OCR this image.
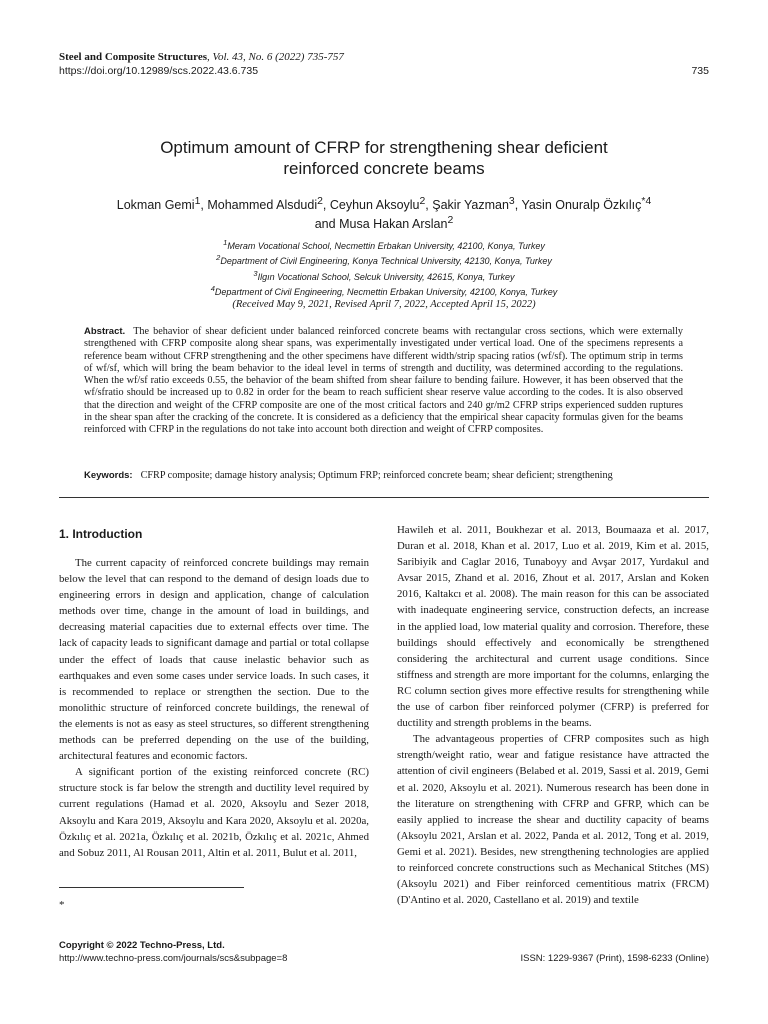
Steel and Composite Structures, Vol. 43, No. 6 (2022) 735-757
https://doi.org/10.12989/scs.2022.43.6.735	735
Optimum amount of CFRP for strengthening shear deficient
reinforced concrete beams
Lokman Gemi$^1$, Mohammed Alsdudi$^2$, Ceyhun Aksoylu$^2$, Şakir Yazman$^3$, Yasin Onuralp Özkılıç$^{*4}$
and Musa Hakan Arslan$^2$
$^1$Meram Vocational School, Necmettin Erbakan University, 42100, Konya, Turkey
$^2$Department of Civil Engineering, Konya Technical University, 42130, Konya, Turkey
$^3$Ilgın Vocational School, Selcuk University, 42615, Konya, Turkey
$^4$Department of Civil Engineering, Necmettin Erbakan University, 42100, Konya, Turkey
(Received May 9, 2021, Revised April 7, 2022, Accepted April 15, 2022)
Abstract. The behavior of shear deficient under balanced reinforced concrete beams with rectangular cross sections, which were externally strengthened with CFRP composite along shear spans, was experimentally investigated under vertical load. One of the specimens represents a reference beam without CFRP strengthening and the other specimens have different width/strip spacing ratios (wf/sf). The optimum strip in terms of wf/sf, which will bring the beam behavior to the ideal level in terms of strength and ductility, was determined according to the regulations. When the wf/sf ratio exceeds 0.55, the behavior of the beam shifted from shear failure to bending failure. However, it has been observed that the wf/sfratio should be increased up to 0.82 in order for the beam to reach sufficient shear reserve value according to the codes. It is also observed that the direction and weight of the CFRP composite are one of the most critical factors and 240 gr/m2 CFRP strips experienced sudden ruptures in the shear span after the cracking of the concrete. It is considered as a deficiency that the empirical shear capacity formulas given for the beams reinforced with CFRP in the regulations do not take into account both direction and weight of CFRP composites.
Keywords: CFRP composite; damage history analysis; Optimum FRP; reinforced concrete beam; shear deficient; strengthening
1. Introduction

The current capacity of reinforced concrete buildings may remain below the level that can respond to the demand of design loads due to engineering errors in design and application, change of calculation methods over time, change in the amount of load in buildings, and decreasing material capacities due to external effects over time. The lack of capacity leads to significant damage and partial or total collapse under the effect of loads that cause inelastic behavior such as earthquakes and even some cases under service loads. In such cases, it is recommended to replace or strengthen the section. Due to the monolithic structure of reinforced concrete buildings, the renewal of the elements is not as easy as steel structures, so different strengthening methods can be preferred depending on the use of the building, architectural features and economic factors.

A significant portion of the existing reinforced concrete (RC) structure stock is far below the strength and ductility level required by current regulations (Hamad et al. 2020, Aksoylu and Sezer 2018, Aksoylu and Kara 2019, Aksoylu and Kara 2020, Aksoylu et al. 2020a, Özkılıç et al. 2021a, Özkılıç et al. 2021b, Özkılıç et al. 2021c, Ahmed and Sobuz 2011, Al Rousan 2011, Altin et al. 2011, Bulut et al. 2011,

Hawileh et al. 2011, Boukhezar et al. 2013, Boumaaza et al. 2017, Duran et al. 2018, Khan et al. 2017, Luo et al. 2019, Kim et al. 2015, Saribiyik and Caglar 2016, Tunaboуy and Avşar 2017, Yurdakul and Avsar 2015, Zhand et al. 2016, Zhout et al. 2017, Arslan and Koken 2016, Kaltakcı et al. 2008). The main reason for this can be associated with inadequate engineering service, construction defects, an increase in the applied load, low material quality and corrosion. Therefore, these buildings should effectively and economically be strengthened considering the architectural and current usage conditions. Since stiffness and strength are more important for the columns, enlarging the RC column section gives more effective results for strengthening while the use of carbon fiber reinforced polymer (CFRP) is preferred for ductility and strength problems in the beams.

The advantageous properties of CFRP composites such as high strength/weight ratio, wear and fatigue resistance have attracted the attention of civil engineers (Belabed et al. 2019, Sassi et al. 2019, Gemi et al. 2020, Aksoylu et al. 2021). Numerous research has been done in the literature on strengthening with CFRP and GFRP, which can be easily applied to increase the shear and ductility capacity of beams (Aksoylu 2021, Arslan et al. 2022, Panda et al. 2012, Tong et al. 2019, Gemi et al. 2021). Besides, new strengthening technologies are applied to reinforced concrete constructions such as Mechanical Stitches (MS) (Aksoylu 2021) and Fiber reinforced cementitious matrix (FRCM) (D'Antino et al. 2020, Castellano et al. 2019) and textile

*
Copyright © 2022 Techno-Press, Ltd.
http://www.techno-press.com/journals/scs&subpage=8	ISSN: 1229-9367 (Print), 1598-6233 (Online)
